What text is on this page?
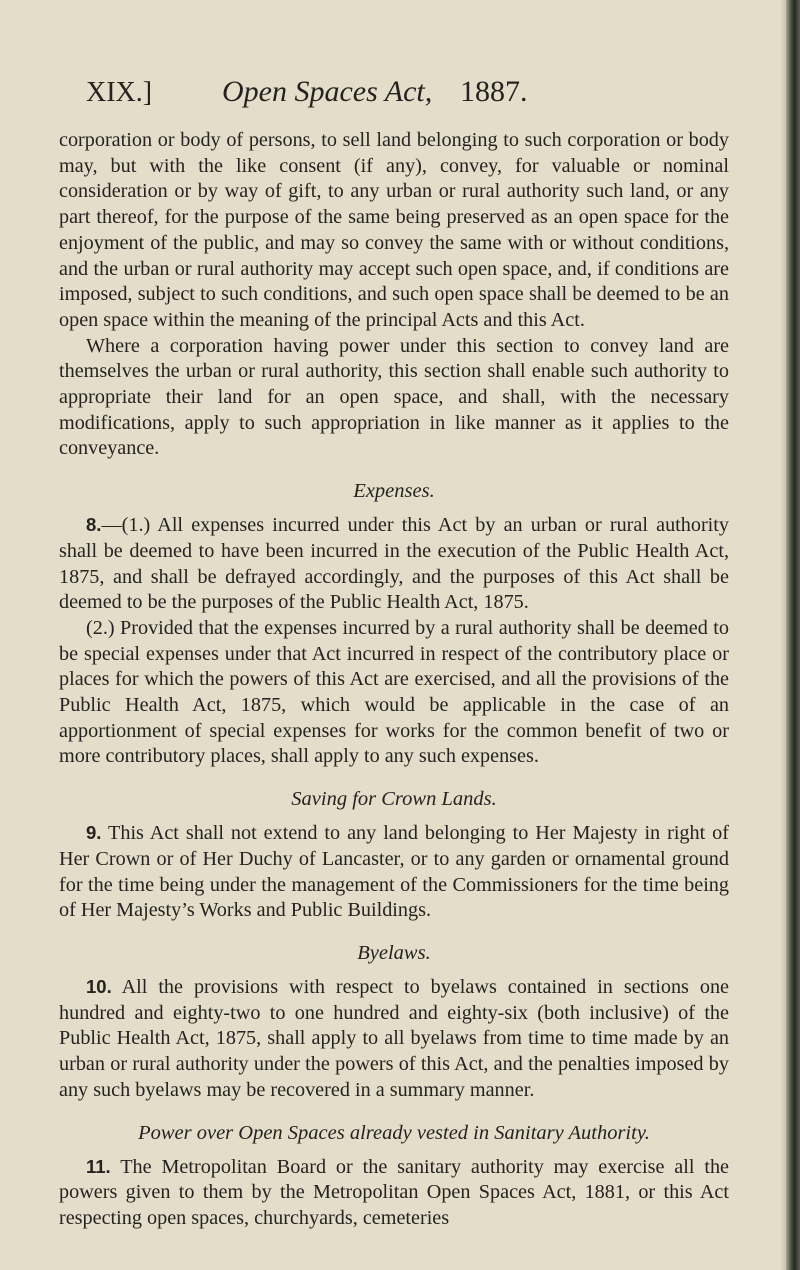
XIX.] Open Spaces Act, 1887.

corporation or body of persons, to sell land belonging to such corporation or body may, but with the like consent (if any), convey, for valuable or nominal consideration or by way of gift, to any urban or rural authority such land, or any part thereof, for the purpose of the same being preserved as an open space for the enjoyment of the public, and may so convey the same with or without conditions, and the urban or rural authority may accept such open space, and, if conditions are imposed, subject to such conditions, and such open space shall be deemed to be an open space within the meaning of the principal Acts and this Act.

Where a corporation having power under this section to convey land are themselves the urban or rural authority, this section shall enable such authority to appropriate their land for an open space, and shall, with the necessary modifications, apply to such appropriation in like manner as it applies to the conveyance.

Expenses.

8.—(1.) All expenses incurred under this Act by an urban or rural authority shall be deemed to have been incurred in the execution of the Public Health Act, 1875, and shall be defrayed accordingly, and the purposes of this Act shall be deemed to be the purposes of the Public Health Act, 1875.

(2.) Provided that the expenses incurred by a rural authority shall be deemed to be special expenses under that Act incurred in respect of the contributory place or places for which the powers of this Act are exercised, and all the provisions of the Public Health Act, 1875, which would be applicable in the case of an apportionment of special expenses for works for the common benefit of two or more contributory places, shall apply to any such expenses.

Saving for Crown Lands.

9. This Act shall not extend to any land belonging to Her Majesty in right of Her Crown or of Her Duchy of Lancaster, or to any garden or ornamental ground for the time being under the management of the Commissioners for the time being of Her Majesty’s Works and Public Buildings.

Byelaws.

10. All the provisions with respect to byelaws contained in sections one hundred and eighty-two to one hundred and eighty-six (both inclusive) of the Public Health Act, 1875, shall apply to all byelaws from time to time made by an urban or rural authority under the powers of this Act, and the penalties imposed by any such byelaws may be recovered in a summary manner.

Power over Open Spaces already vested in Sanitary Authority.

11. The Metropolitan Board or the sanitary authority may exercise all the powers given to them by the Metropolitan Open Spaces Act, 1881, or this Act respecting open spaces, churchyards, cemeteries
